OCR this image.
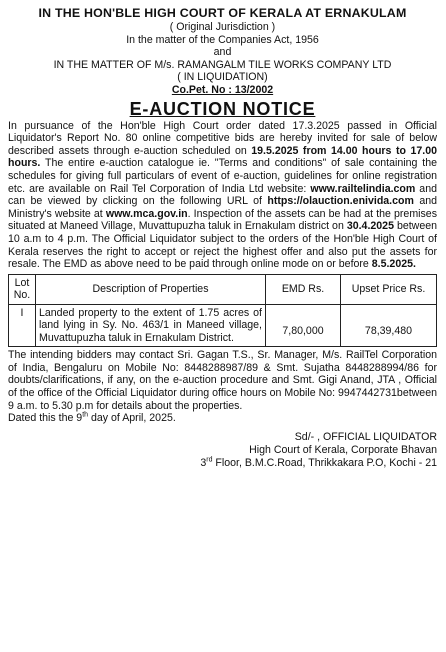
IN THE HON'BLE HIGH COURT OF KERALA AT ERNAKULAM
( Original Jurisdiction )
In the matter of the Companies Act, 1956
and
IN THE MATTER OF M/s. RAMANGALM TILE WORKS COMPANY LTD
( IN LIQUIDATION)
Co.Pet. No : 13/2002
E-AUCTION NOTICE
In pursuance of the Hon'ble High Court order dated 17.3.2025 passed in Official Liquidator's Report No. 80 online competitive bids are hereby invited for sale of below described assets through e-auction scheduled on 19.5.2025 from 14.00 hours to 17.00 hours. The entire e-auction catalogue ie. "Terms and conditions" of sale containing the schedules for giving full particulars of event of e-auction, guidelines for online registration etc. are available on Rail Tel Corporation of India Ltd website: www.railtelindia.com and can be viewed by clicking on the following URL of https://olauction.enivida.com and Ministry's website at www.mca.gov.in. Inspection of the assets can be had at the premises situated at Maneed Village, Muvattupuzha taluk in Ernakulam district on 30.4.2025 between 10 a.m to 4 p.m. The Official Liquidator subject to the orders of the Hon'ble High Court of Kerala reserves the right to accept or reject the highest offer and also put the assets for resale. The EMD as above need to be paid through online mode on or before 8.5.2025.
Lot No.	Description of Properties	EMD Rs.	Upset Price Rs.
I	Landed property to the extent of 1.75 acres of land lying in Sy. No. 463/1 in Maneed village, Muvattupuzha taluk in Ernakulam District.	7,80,000	78,39,480
The intending bidders may contact Sri. Gagan T.S., Sr. Manager, M/s. RailTel Corporation of India, Bengaluru on Mobile No: 8448288987/89 & Smt. Sujatha 8448288994/86 for doubts/clarifications, if any, on the e-auction procedure and Smt. Gigi Anand, JTA , Official of the office of the Official Liquidator during office hours on Mobile No: 9947442731between 9 a.m. to 5.30 p.m for details about the properties.
Dated this the 9th day of April, 2025.
Sd/- , OFFICIAL LIQUIDATOR
High Court of Kerala, Corporate Bhavan
3rd Floor, B.M.C.Road, Thrikkakara P.O, Kochi - 21
